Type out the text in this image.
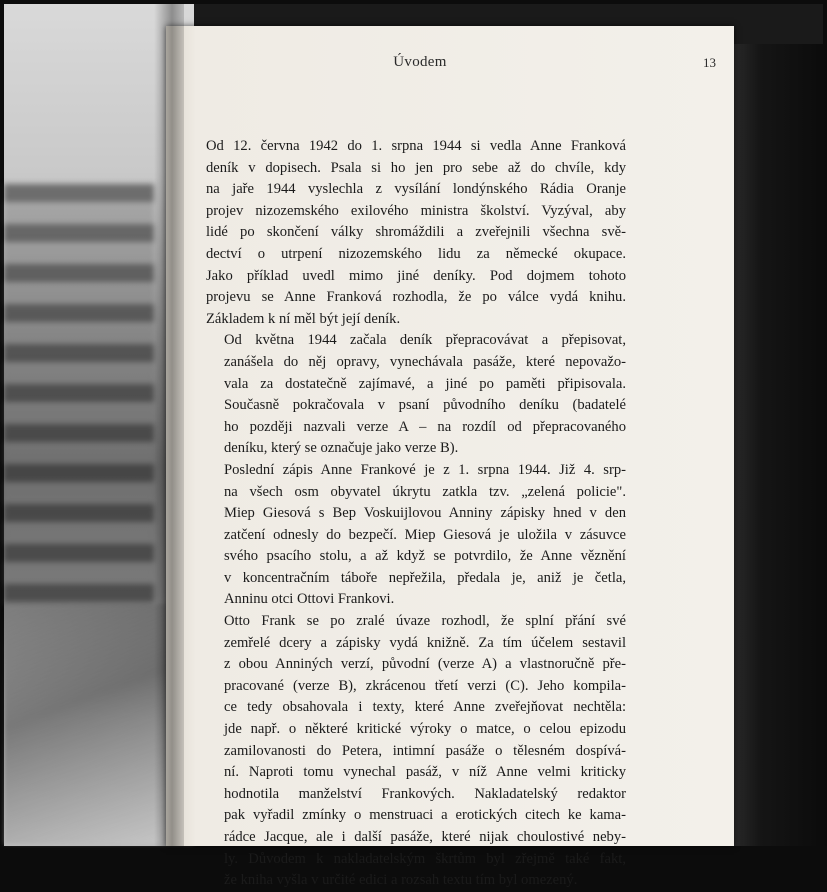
Úvodem	13
Od 12. června 1942 do 1. srpna 1944 si vedla Anne Franková
deník v dopisech. Psala si ho jen pro sebe až do chvíle, kdy
na jaře 1944 vyslechla z vysílání londýnského Rádia Oranje
projev nizozemského exilového ministra školství. Vyzýval, aby
lidé po skončení války shromáždili a zveřejnili všechna svě-
dectví o utrpení nizozemského lidu za německé okupace.
Jako příklad uvedl mimo jiné deníky. Pod dojmem tohoto
projevu se Anne Franková rozhodla, že po válce vydá knihu.
Základem k ní měl být její deník.
Od května 1944 začala deník přepracovávat a přepisovat,
zanášela do něj opravy, vynechávala pasáže, které nepovažo-
vala za dostatečně zajímavé, a jiné po paměti připisovala.
Současně pokračovala v psaní původního deníku (badatelé
ho později nazvali verze A – na rozdíl od přepracovaného
deníku, který se označuje jako verze B).
Poslední zápis Anne Frankové je z 1. srpna 1944. Již 4. srp-
na všech osm obyvatel úkrytu zatkla tzv. „zelená policie".
Miep Giesová s Bep Voskuijlovou Anniny zápisky hned v den
zatčení odnesly do bezpečí. Miep Giesová je uložila v zásuvce
svého psacího stolu, a až když se potvrdilo, že Anne věznění
v koncentračním táboře nepřežila, předala je, aniž je četla,
Anninu otci Ottovi Frankovi.
Otto Frank se po zralé úvaze rozhodl, že splní přání své
zemřelé dcery a zápisky vydá knižně. Za tím účelem sestavil
z obou Anniných verzí, původní (verze A) a vlastnoručně pře-
pracované (verze B), zkrácenou třetí verzi (C). Jeho kompila-
ce tedy obsahovala i texty, které Anne zveřejňovat nechtěla:
jde např. o některé kritické výroky o matce, o celou epizodu
zamilovanosti do Petera, intimní pasáže o tělesném dospívá-
ní. Naproti tomu vynechal pasáž, v níž Anne velmi kriticky
hodnotila manželství Frankových. Nakladatelský redaktor
pak vyřadil zmínky o menstruaci a erotických citech ke kama-
rádce Jacque, ale i další pasáže, které nijak choulostivé neby-
ly. Důvodem k nakladatelským škrtům byl zřejmě také fakt,
že kniha vyšla v určité edici a rozsah textu tím byl omezený.
